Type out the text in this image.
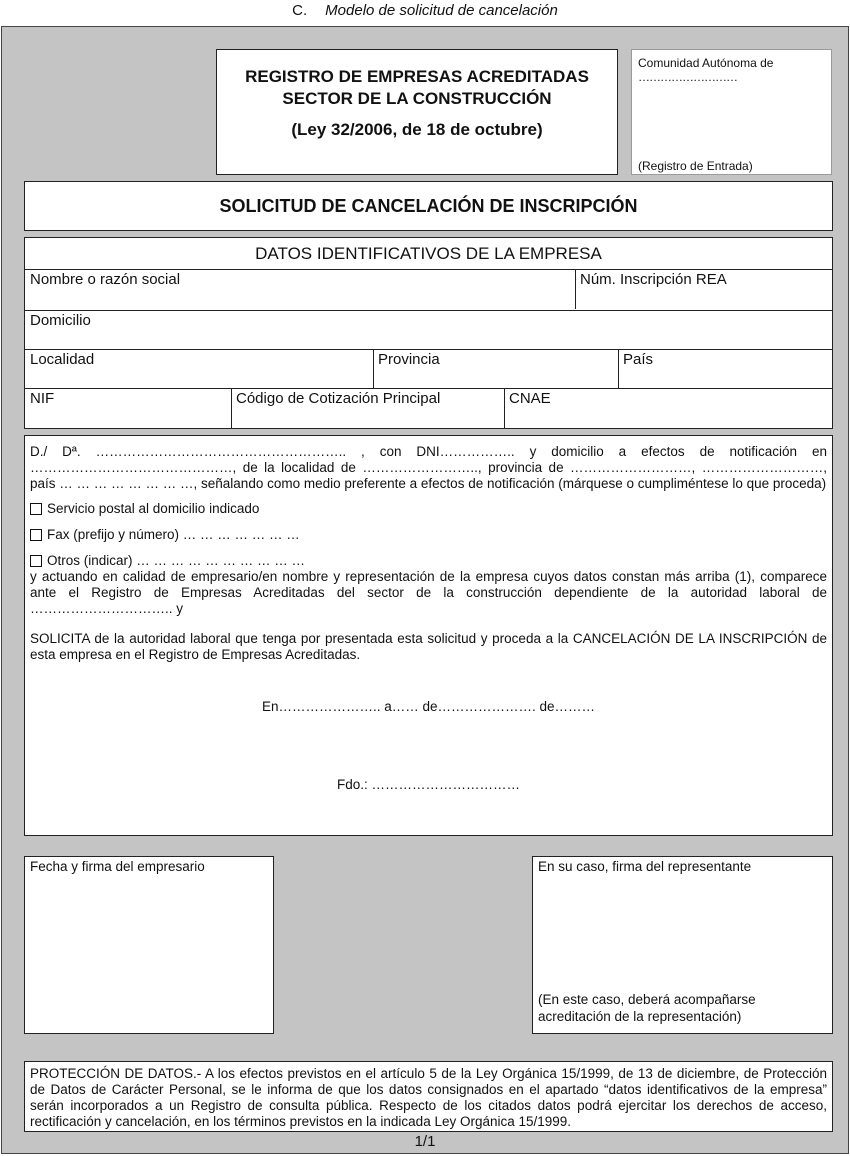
C. Modelo de solicitud de cancelación
REGISTRO DE EMPRESAS ACREDITADAS
SECTOR DE LA CONSTRUCCIÓN
(Ley 32/2006, de 18 de octubre)
Comunidad Autónoma de
………………………
(Registro de Entrada)
SOLICITUD DE CANCELACIÓN DE INSCRIPCIÓN
DATOS IDENTIFICATIVOS DE LA EMPRESA
Nombre o razón social	Núm. Inscripción REA
Domicilio
Localidad	Provincia	País
NIF	Código de Cotización Principal	CNAE

D./ Dª. ……………………………………………….. , con DNI…………….. y domicilio a efectos de notificación en ………………………………………, de la localidad de …………………….., provincia de ………………………, ………………………, país … … … … … … … …, señalando como medio preferente a efectos de notificación (márquese o cumpliméntese lo que proceda)

Servicio postal al domicilio indicado
Fax (prefijo y número) … … … … … … …
Otros (indicar) … … … … … … … … … …

y actuando en calidad de empresario/en nombre y representación de la empresa cuyos datos constan más arriba (1), comparece ante el Registro de Empresas Acreditadas del sector de la construcción dependiente de la autoridad laboral de ………………………….. y

SOLICITA de la autoridad laboral que tenga por presentada esta solicitud y proceda a la CANCELACIÓN DE LA INSCRIPCIÓN de esta empresa en el Registro de Empresas Acreditadas.

En………………….. a…… de…………………. de………

Fdo.: ……………………………

Fecha y firma del empresario	En su caso, firma del representante
(En este caso, deberá acompañarse acreditación de la representación)
PROTECCIÓN DE DATOS.- A los efectos previstos en el artículo 5 de la Ley Orgánica 15/1999, de 13 de diciembre, de Protección de Datos de Carácter Personal, se le informa de que los datos consignados en el apartado “datos identificativos de la empresa” serán incorporados a un Registro de consulta pública. Respecto de los citados datos podrá ejercitar los derechos de acceso, rectificación y cancelación, en los términos previstos en la indicada Ley Orgánica 15/1999.
1/1
